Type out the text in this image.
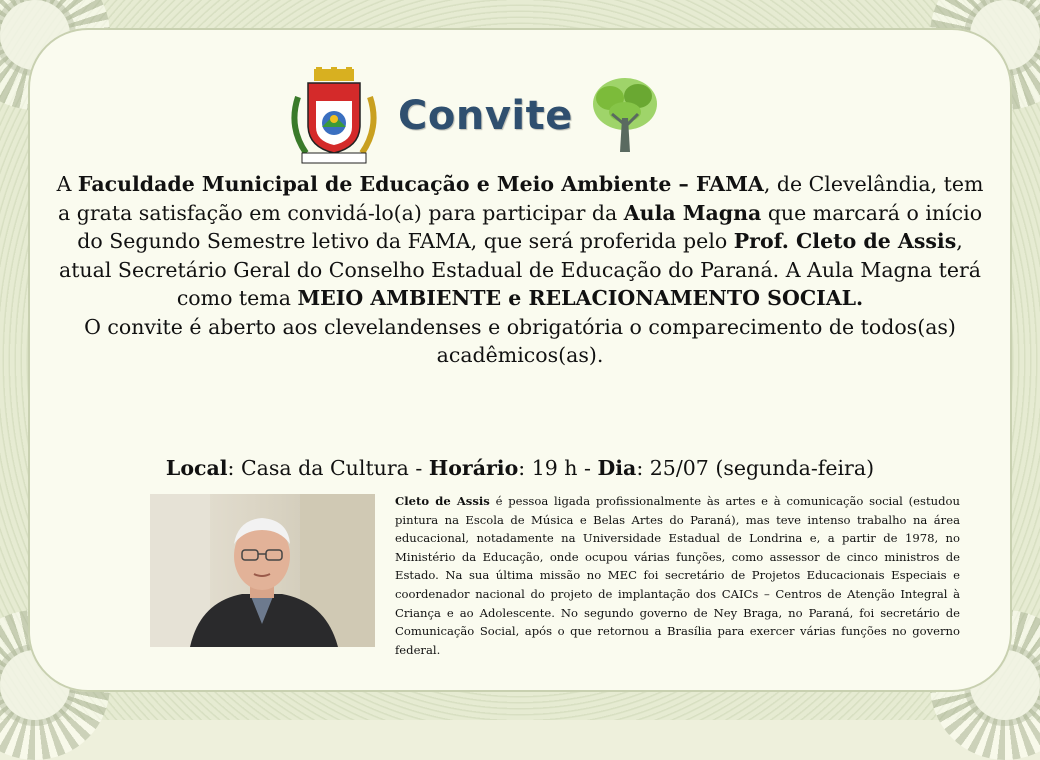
Convite
A Faculdade Municipal de Educação e Meio Ambiente – FAMA, de Clevelândia, tem a grata satisfação em convidá-lo(a) para participar da Aula Magna que marcará o início do Segundo Semestre letivo da FAMA, que será proferida pelo Prof. Cleto de Assis, atual Secretário Geral do Conselho Estadual de Educação do Paraná. A Aula Magna terá como tema MEIO AMBIENTE e RELACIONAMENTO SOCIAL.
O convite é aberto aos clevelandenses e obrigatória o comparecimento de todos(as) acadêmicos(as).
Local: Casa da Cultura - Horário: 19 h - Dia: 25/07 (segunda-feira)
Cleto de Assis é pessoa ligada profissionalmente às artes e à comunicação social (estudou pintura na Escola de Música e Belas Artes do Paraná), mas teve intenso trabalho na área educacional, notadamente na Universidade Estadual de Londrina e, a partir de 1978, no Ministério da Educação, onde ocupou várias funções, como assessor de cinco ministros de Estado. Na sua última missão no MEC foi secretário de Projetos Educacionais Especiais e coordenador nacional do projeto de implantação dos CAICs – Centros de Atenção Integral à Criança e ao Adolescente. No segundo governo de Ney Braga, no Paraná, foi secretário de Comunicação Social, após o que retornou a Brasília para exercer várias funções no governo federal.
